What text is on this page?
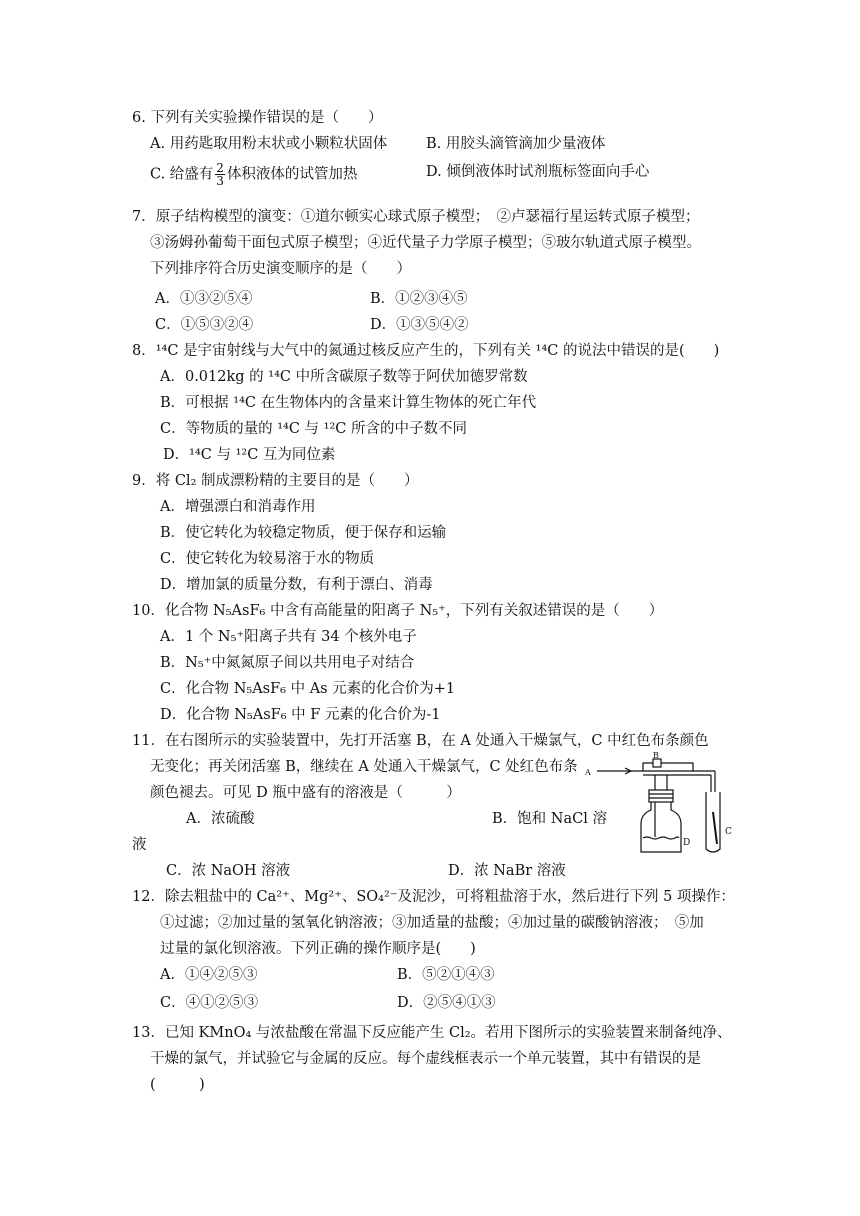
6. 下列有关实验操作错误的是（　　）
A. 用药匙取用粉末状或小颗粒状固体	B. 用胶头滴管滴加少量液体
C. 给盛有 $\frac{2}{3}$ 体积液体的试管加热	D. 倾倒液体时试剂瓶标签面向手心
7．原子结构模型的演变：①道尔顿实心球式原子模型；　②卢瑟福行星运转式原子模型；
③汤姆孙葡萄干面包式原子模型；④近代量子力学原子模型；⑤玻尔轨道式原子模型。
下列排序符合历史演变顺序的是（　　）
A．①③②⑤④	B．①②③④⑤
C．①⑤③②④	D．①③⑤④②
8．¹⁴C 是宇宙射线与大气中的氮通过核反应产生的，下列有关 ¹⁴C 的说法中错误的是(　　)
A．0.012kg 的 ¹⁴C 中所含碳原子数等于阿伏加德罗常数
B．可根据 ¹⁴C 在生物体内的含量来计算生物体的死亡年代
C．等物质的量的 ¹⁴C 与 ¹²C 所含的中子数不同
D．¹⁴C 与 ¹²C 互为同位素
9．将 Cl₂ 制成漂粉精的主要目的是（　　）
A．增强漂白和消毒作用
B．使它转化为较稳定物质，便于保存和运输
C．使它转化为较易溶于水的物质
D．增加氯的质量分数，有利于漂白、消毒
10．化合物 N₅AsF₆ 中含有高能量的阳离子 N₅⁺，下列有关叙述错误的是（　　）
A．1 个 N₅⁺阳离子共有 34 个核外电子
B．N₅⁺中氮氮原子间以共用电子对结合
C．化合物 N₅AsF₆ 中 As 元素的化合价为+1
D．化合物 N₅AsF₆ 中 F 元素的化合价为-1
11．在右图所示的实验装置中，先打开活塞 B，在 A 处通入干燥氯气，C 中红色布条颜色
无变化；再关闭活塞 B，继续在 A 处通入干燥氯气，C 处红色布条
颜色褪去。可见 D 瓶中盛有的溶液是（　　　）
A．浓硫酸	B．饱和 NaCl 溶
液
C．浓 NaOH 溶液	D．浓 NaBr 溶液
A
B
C
D
12．除去粗盐中的 Ca²⁺、Mg²⁺、SO₄²⁻及泥沙，可将粗盐溶于水，然后进行下列 5 项操作：
①过滤；②加过量的氢氧化钠溶液；③加适量的盐酸；④加过量的碳酸钠溶液；　⑤加
过量的氯化钡溶液。下列正确的操作顺序是(　　)
A．①④②⑤③	B．⑤②①④③
C．④①②⑤③	D．②⑤④①③
13．已知 KMnO₄ 与浓盐酸在常温下反应能产生 Cl₂。若用下图所示的实验装置来制备纯净、
干燥的氯气，并试验它与金属的反应。每个虚线框表示一个单元装置，其中有错误的是
(　　　)
